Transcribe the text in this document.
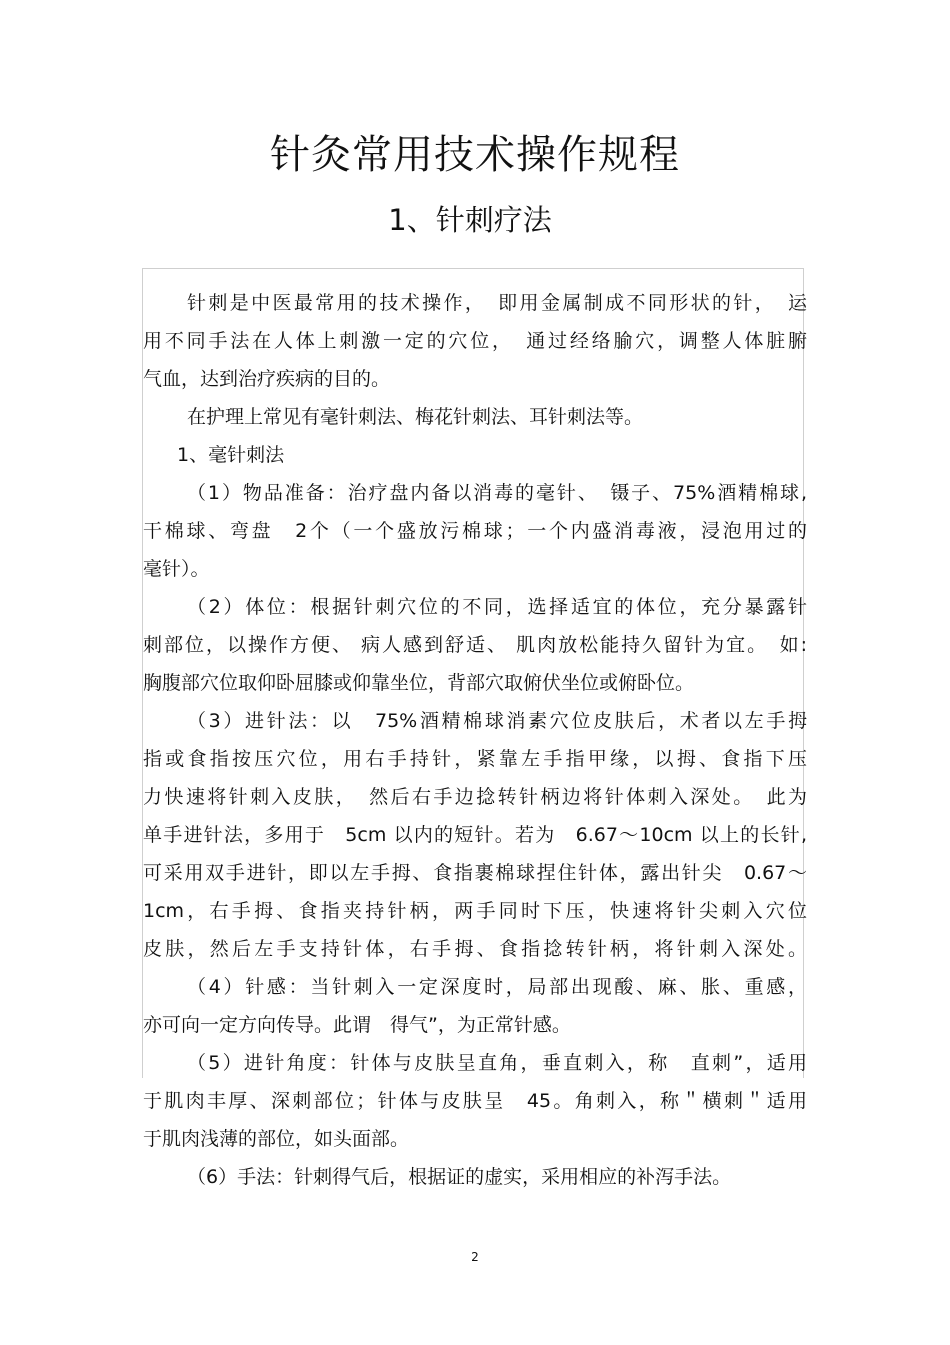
针灸常用技术操作规程
1、针刺疗法
针刺是中医最常用的技术操作，　即用金属制成不同形状的针，　运
用不同手法在人体上刺激一定的穴位，　通过经络腧穴，调整人体脏腑
气血，达到治疗疾病的目的。
在护理上常见有毫针刺法、梅花针刺法、耳针刺法等。
1、毫针刺法
（1）物品准备：治疗盘内备以消毒的毫针、　镊子、75%酒精棉球,
干棉球、弯盘　2个（一个盛放污棉球；一个内盛消毒液，浸泡用过的
毫针）。
（2）体位：根据针刺穴位的不同，选择适宜的体位，充分暴露针
刺部位，以操作方便、 病人感到舒适、 肌肉放松能持久留针为宜。　如:
胸腹部穴位取仰卧屈膝或仰靠坐位，背部穴取俯伏坐位或俯卧位。
（3）进针法：以　75%酒精棉球消素穴位皮肤后，术者以左手拇
指或食指按压穴位，用右手持针，紧靠左手指甲缘，以拇、食指下压
力快速将针刺入皮肤，　然后右手边捻转针柄边将针体刺入深处。　此为
单手进针法，多用于　5cm 以内的短针。若为　6.67～10cm 以上的长针,
可采用双手进针，即以左手拇、食指裹棉球捏住针体，露出针尖　0.67～
1cm，右手拇、食指夹持针柄，两手同时下压，快速将针尖刺入穴位
皮肤，然后左手支持针体，右手拇、食指捻转针柄，将针刺入深处。
（4）针感：当针刺入一定深度时，局部出现酸、麻、胀、重感，
亦可向一定方向传导。此谓　得气”，为正常针感。
（5）进针角度：针体与皮肤呈直角，垂直刺入，称　直刺”，适用
于肌肉丰厚、深刺部位；针体与皮肤呈　45。角刺入，称＂横刺＂适用
于肌肉浅薄的部位，如头面部。
（6）手法：针刺得气后，根据证的虚实，采用相应的补泻手法。
2
